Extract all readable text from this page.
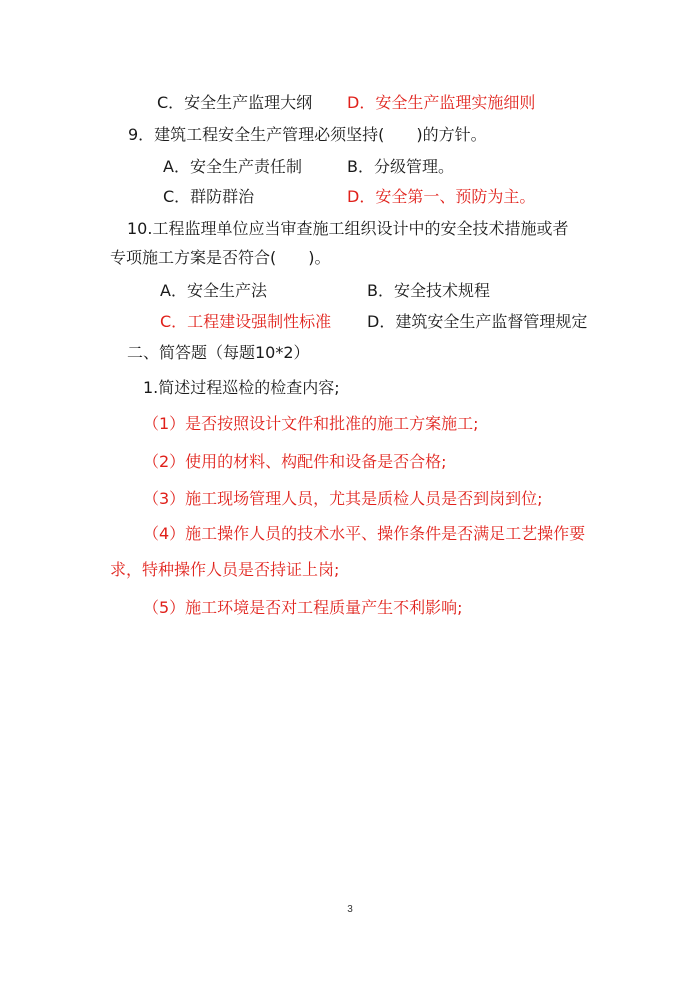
C．安全生产监理大纲 D．安全生产监理实施细则
9．建筑工程安全生产管理必须坚持(　　)的方针。
A．安全生产责任制	B．分级管理。
C．群防群治	D．安全第一、预防为主。
10.工程监理单位应当审查施工组织设计中的安全技术措施或者
专项施工方案是否符合(　　)。
A．安全生产法	B．安全技术规程
C．工程建设强制性标准 D．建筑安全生产监督管理规定
二、简答题（每题10*2）
1.简述过程巡检的检查内容;
（1）是否按照设计文件和批准的施工方案施工;
（2）使用的材料、构配件和设备是否合格;
（3）施工现场管理人员，尤其是质检人员是否到岗到位;
（4）施工操作人员的技术水平、操作条件是否满足工艺操作要
求，特种操作人员是否持证上岗;
（5）施工环境是否对工程质量产生不利影响;
3
